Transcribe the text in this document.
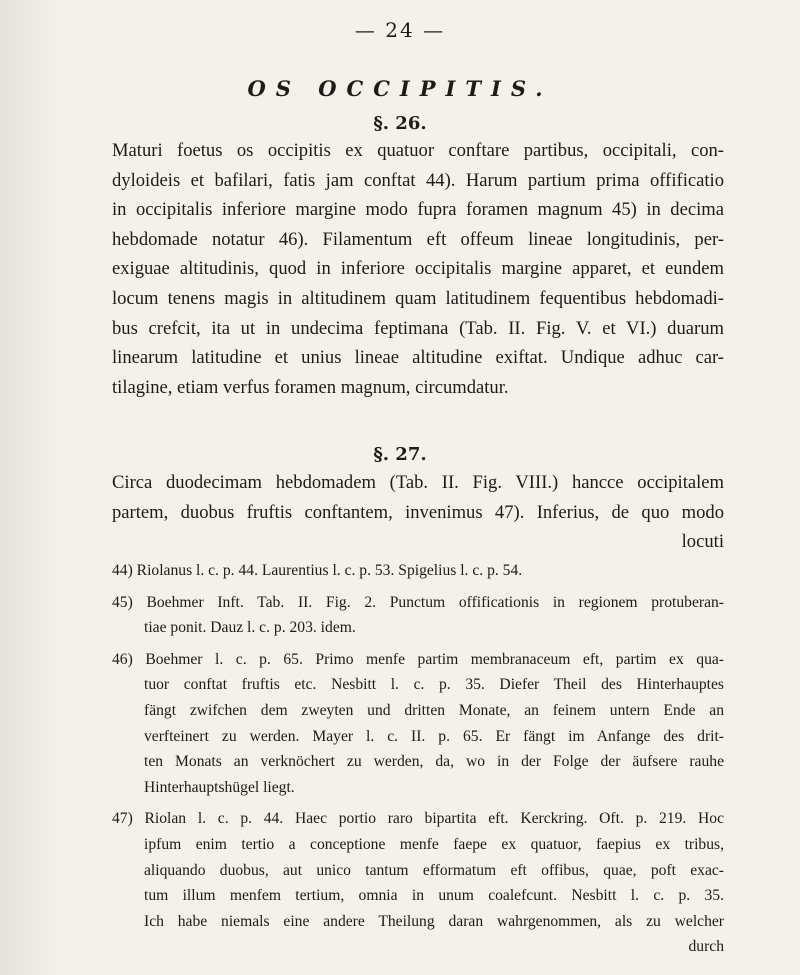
— 24 —
OS OCCIPITIS.
§. 26.
Maturi foetus os occipitis ex quatuor conftare partibus, occipitali, con-
dyloideis et bafilari, fatis jam conftat 44). Harum partium prima offificatio
in occipitalis inferiore margine modo fupra foramen magnum 45) in decima
hebdomade notatur 46). Filamentum eft offeum lineae longitudinis, per-
exiguae altitudinis, quod in inferiore occipitalis margine apparet, et eundem
locum tenens magis in altitudinem quam latitudinem fequentibus hebdomadi-
bus crefcit, ita ut in undecima feptimana (Tab. II. Fig. V. et VI.) duarum
linearum latitudine et unius lineae altitudine exiftat. Undique adhuc car-
tilagine, etiam verfus foramen magnum, circumdatur.
§. 27.
Circa duodecimam hebdomadem (Tab. II. Fig. VIII.) hancce occipitalem
partem, duobus fruftis conftantem, invenimus 47). Inferius, de quo modo
locuti
44) Riolanus l. c. p. 44. Laurentius l. c. p. 53. Spigelius l. c. p. 54.
45) Boehmer Inft. Tab. II. Fig. 2. Punctum offificationis in regionem protuberan-
tiae ponit. Dauz l. c. p. 203. idem.
46) Boehmer l. c. p. 65. Primo menfe partim membranaceum eft, partim ex qua-
tuor conftat fruftis etc. Nesbitt l. c. p. 35. Diefer Theil des Hinterhauptes
fängt zwifchen dem zweyten und dritten Monate, an feinem untern Ende an
verfteinert zu werden. Mayer l. c. II. p. 65. Er fängt im Anfange des drit-
ten Monats an verknöchert zu werden, da, wo in der Folge der äufsere rauhe
Hinterhauptshügel liegt.
47) Riolan l. c. p. 44. Haec portio raro bipartita eft. Kerckring. Oft. p. 219. Hoc
ipfum enim tertio a conceptione menfe faepe ex quatuor, faepius ex tribus,
aliquando duobus, aut unico tantum efformatum eft offibus, quae, poft exac-
tum illum menfem tertium, omnia in unum coalefcunt. Nesbitt l. c. p. 35.
Ich habe niemals eine andere Theilung daran wahrgenommen, als zu welcher
durch
